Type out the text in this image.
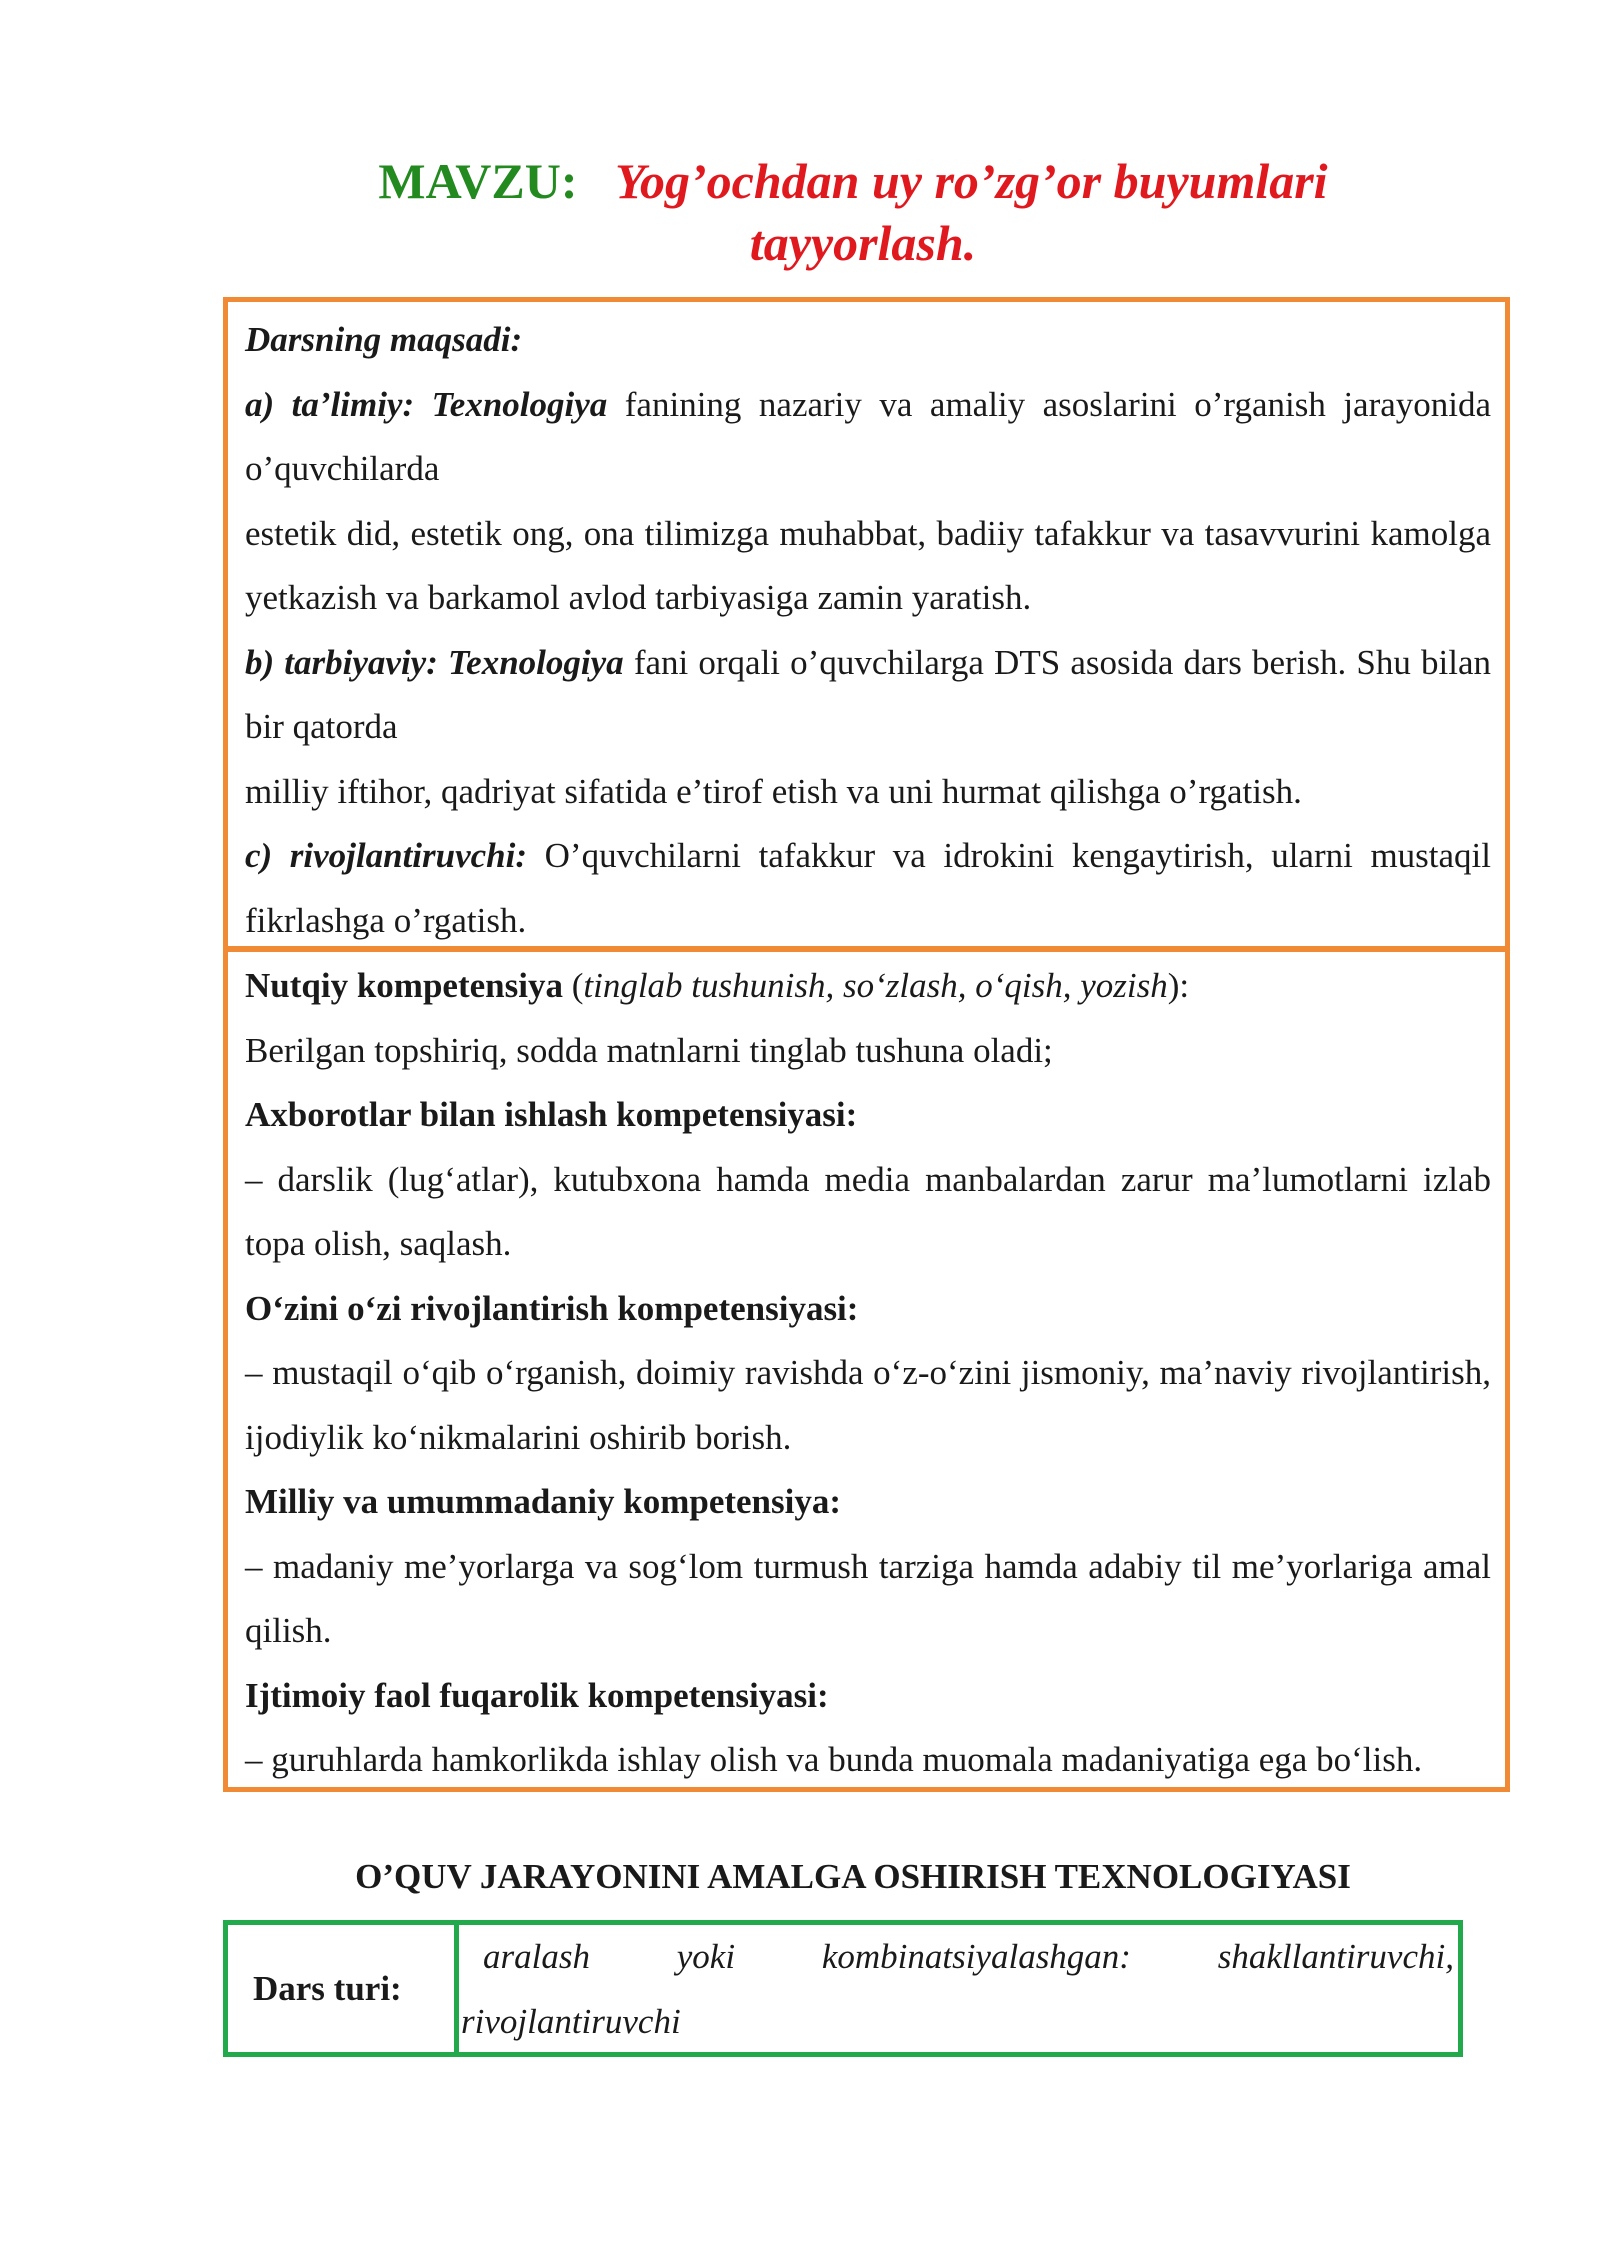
MAVZU: Yog’ochdan uy ro’zg’or buyumlari
tayyorlash.

Darsning maqsadi:

a) ta’limiy: Texnologiya fanining nazariy va amaliy asoslarini o’rganish jarayonida o’quvchilarda

estetik did, estetik ong, ona tilimizga muhabbat, badiiy tafakkur va tasavvurini kamolga yetkazish va barkamol avlod tarbiyasiga zamin yaratish.

b) tarbiyaviy: Texnologiya fani orqali o’quvchilarga DTS asosida dars berish. Shu bilan bir qatorda

milliy iftihor, qadriyat sifatida e’tirof etish va uni hurmat qilishga o’rgatish.

c) rivojlantiruvchi: O’quvchilarni tafakkur va idrokini kengaytirish, ularni mustaqil fikrlashga o’rgatish.

Nutqiy kompetensiya (tinglab tushunish, so‘zlash, o‘qish, yozish):

Berilgan topshiriq, sodda matnlarni tinglab tushuna oladi;

Axborotlar bilan ishlash kompetensiyasi:

– darslik (lug‘atlar), kutubxona hamda media manbalardan zarur ma’lumotlarni izlab topa olish, saqlash.

O‘zini o‘zi rivojlantirish kompetensiyasi:

– mustaqil o‘qib o‘rganish, doimiy ravishda o‘z-o‘zini jismoniy, ma’naviy rivojlantirish, ijodiylik ko‘nikmalarini oshirib borish.

Milliy va umummadaniy kompetensiya:

– madaniy me’yorlarga va sog‘lom turmush tarziga hamda adabiy til me’yorlariga amal qilish.

Ijtimoiy faol fuqarolik kompetensiyasi:

– guruhlarda hamkorlikda ishlay olish va bunda muomala madaniyatiga ega bo‘lish.

O’QUV JARAYONINI AMALGA OSHIRISH TEXNOLOGIYASI
Dars turi:
aralash yoki kombinatsiyalashgan: shakllantiruvchi,
rivojlantiruvchi
